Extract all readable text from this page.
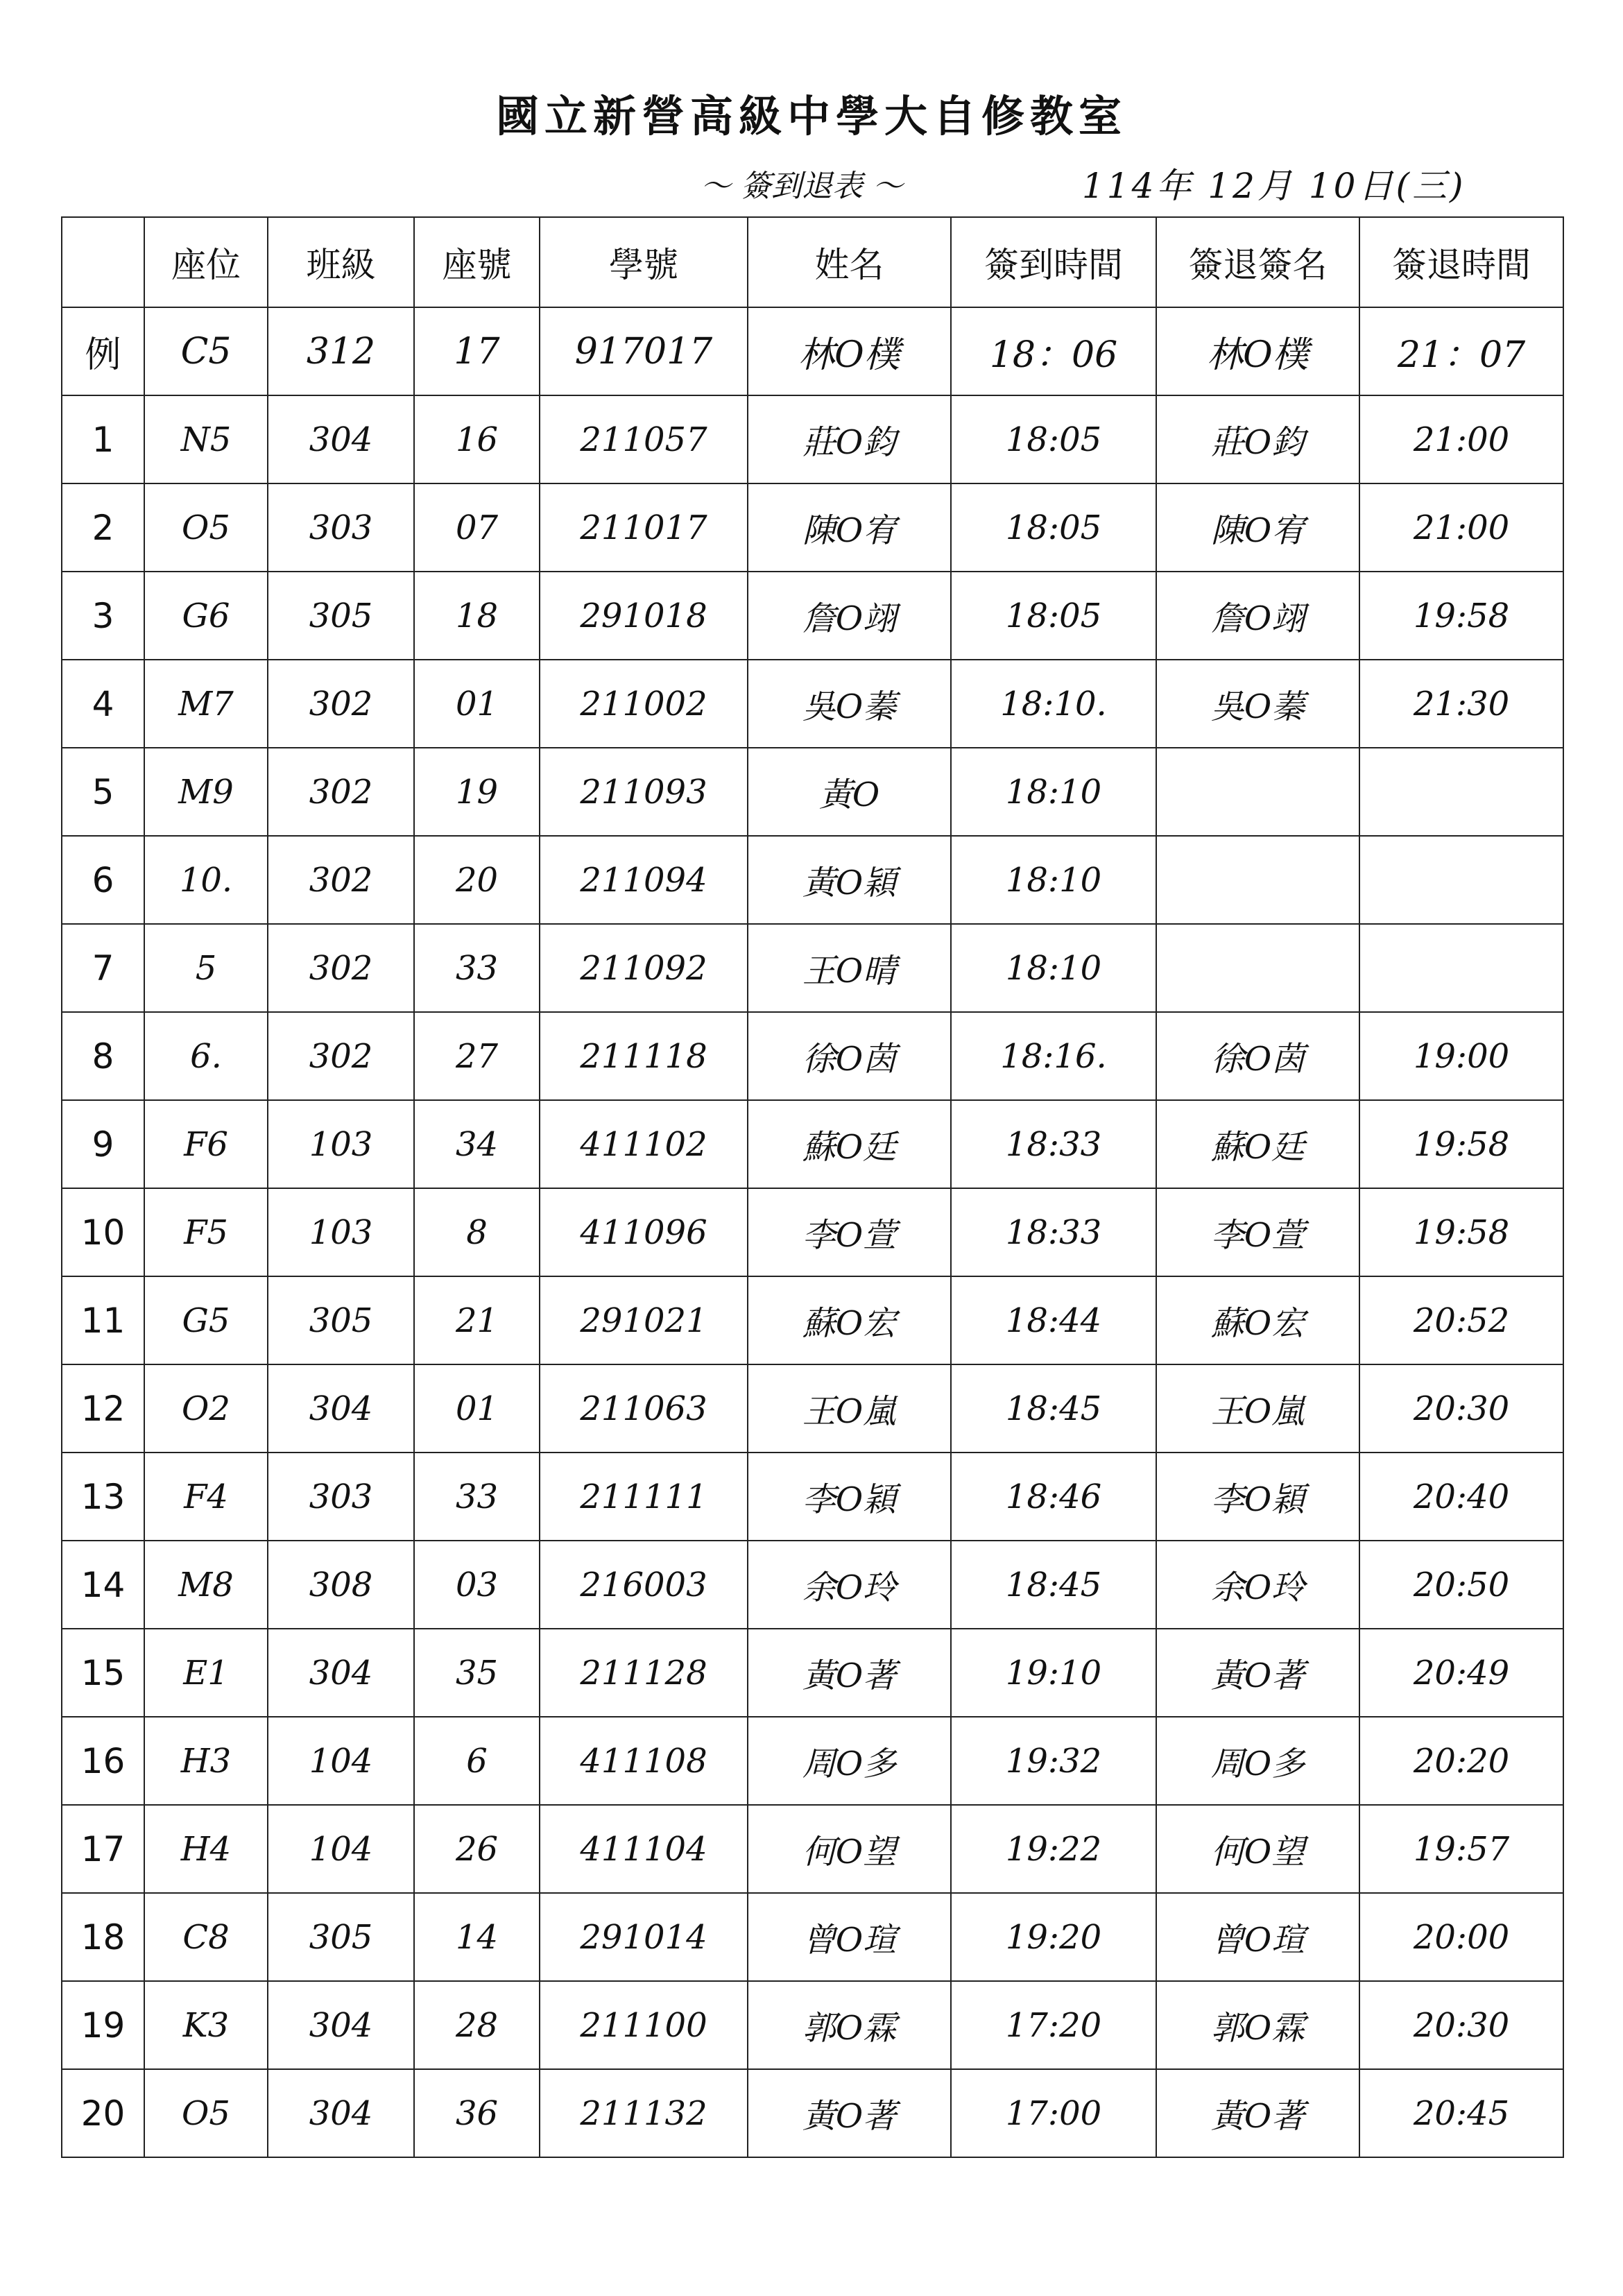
國立新營高級中學大自修教室
～ 簽到退表 ～	114年 12月 10日(三)
	座位	班級	座號	學號	姓名	簽到時間	簽退簽名	簽退時間
例	C5	312	17	917017	林O樸	18：06	林O樸	21：07
1	N5	304	16	211057	莊O鈞	18:05	莊O鈞	21:00
2	O5	303	07	211017	陳O宥	18:05	陳O宥	21:00
3	G6	305	18	291018	詹O翊	18:05	詹O翊	19:58
4	M7	302	01	211002	吳O蓁	18:10.	吳O蓁	21:30
5	M9	302	19	211093	黃O	18:10		
6	10.	302	20	211094	黃O穎	18:10		
7	5	302	33	211092	王O晴	18:10		
8	6.	302	27	211118	徐O茵	18:16.	徐O茵	19:00
9	F6	103	34	411102	蘇O廷	18:33	蘇O廷	19:58
10	F5	103	8	411096	李O萱	18:33	李O萱	19:58
11	G5	305	21	291021	蘇O宏	18:44	蘇O宏	20:52
12	O2	304	01	211063	王O嵐	18:45	王O嵐	20:30
13	F4	303	33	211111	李O穎	18:46	李O穎	20:40
14	M8	308	03	216003	余O玲	18:45	余O玲	20:50
15	E1	304	35	211128	黃O著	19:10	黃O著	20:49
16	H3	104	6	411108	周O多	19:32	周O多	20:20
17	H4	104	26	411104	何O望	19:22	何O望	19:57
18	C8	305	14	291014	曾O瑄	19:20	曾O瑄	20:00
19	K3	304	28	211100	郭O霖	17:20	郭O霖	20:30
20	O5	304	36	211132	黃O著	17:00	黃O著	20:45
